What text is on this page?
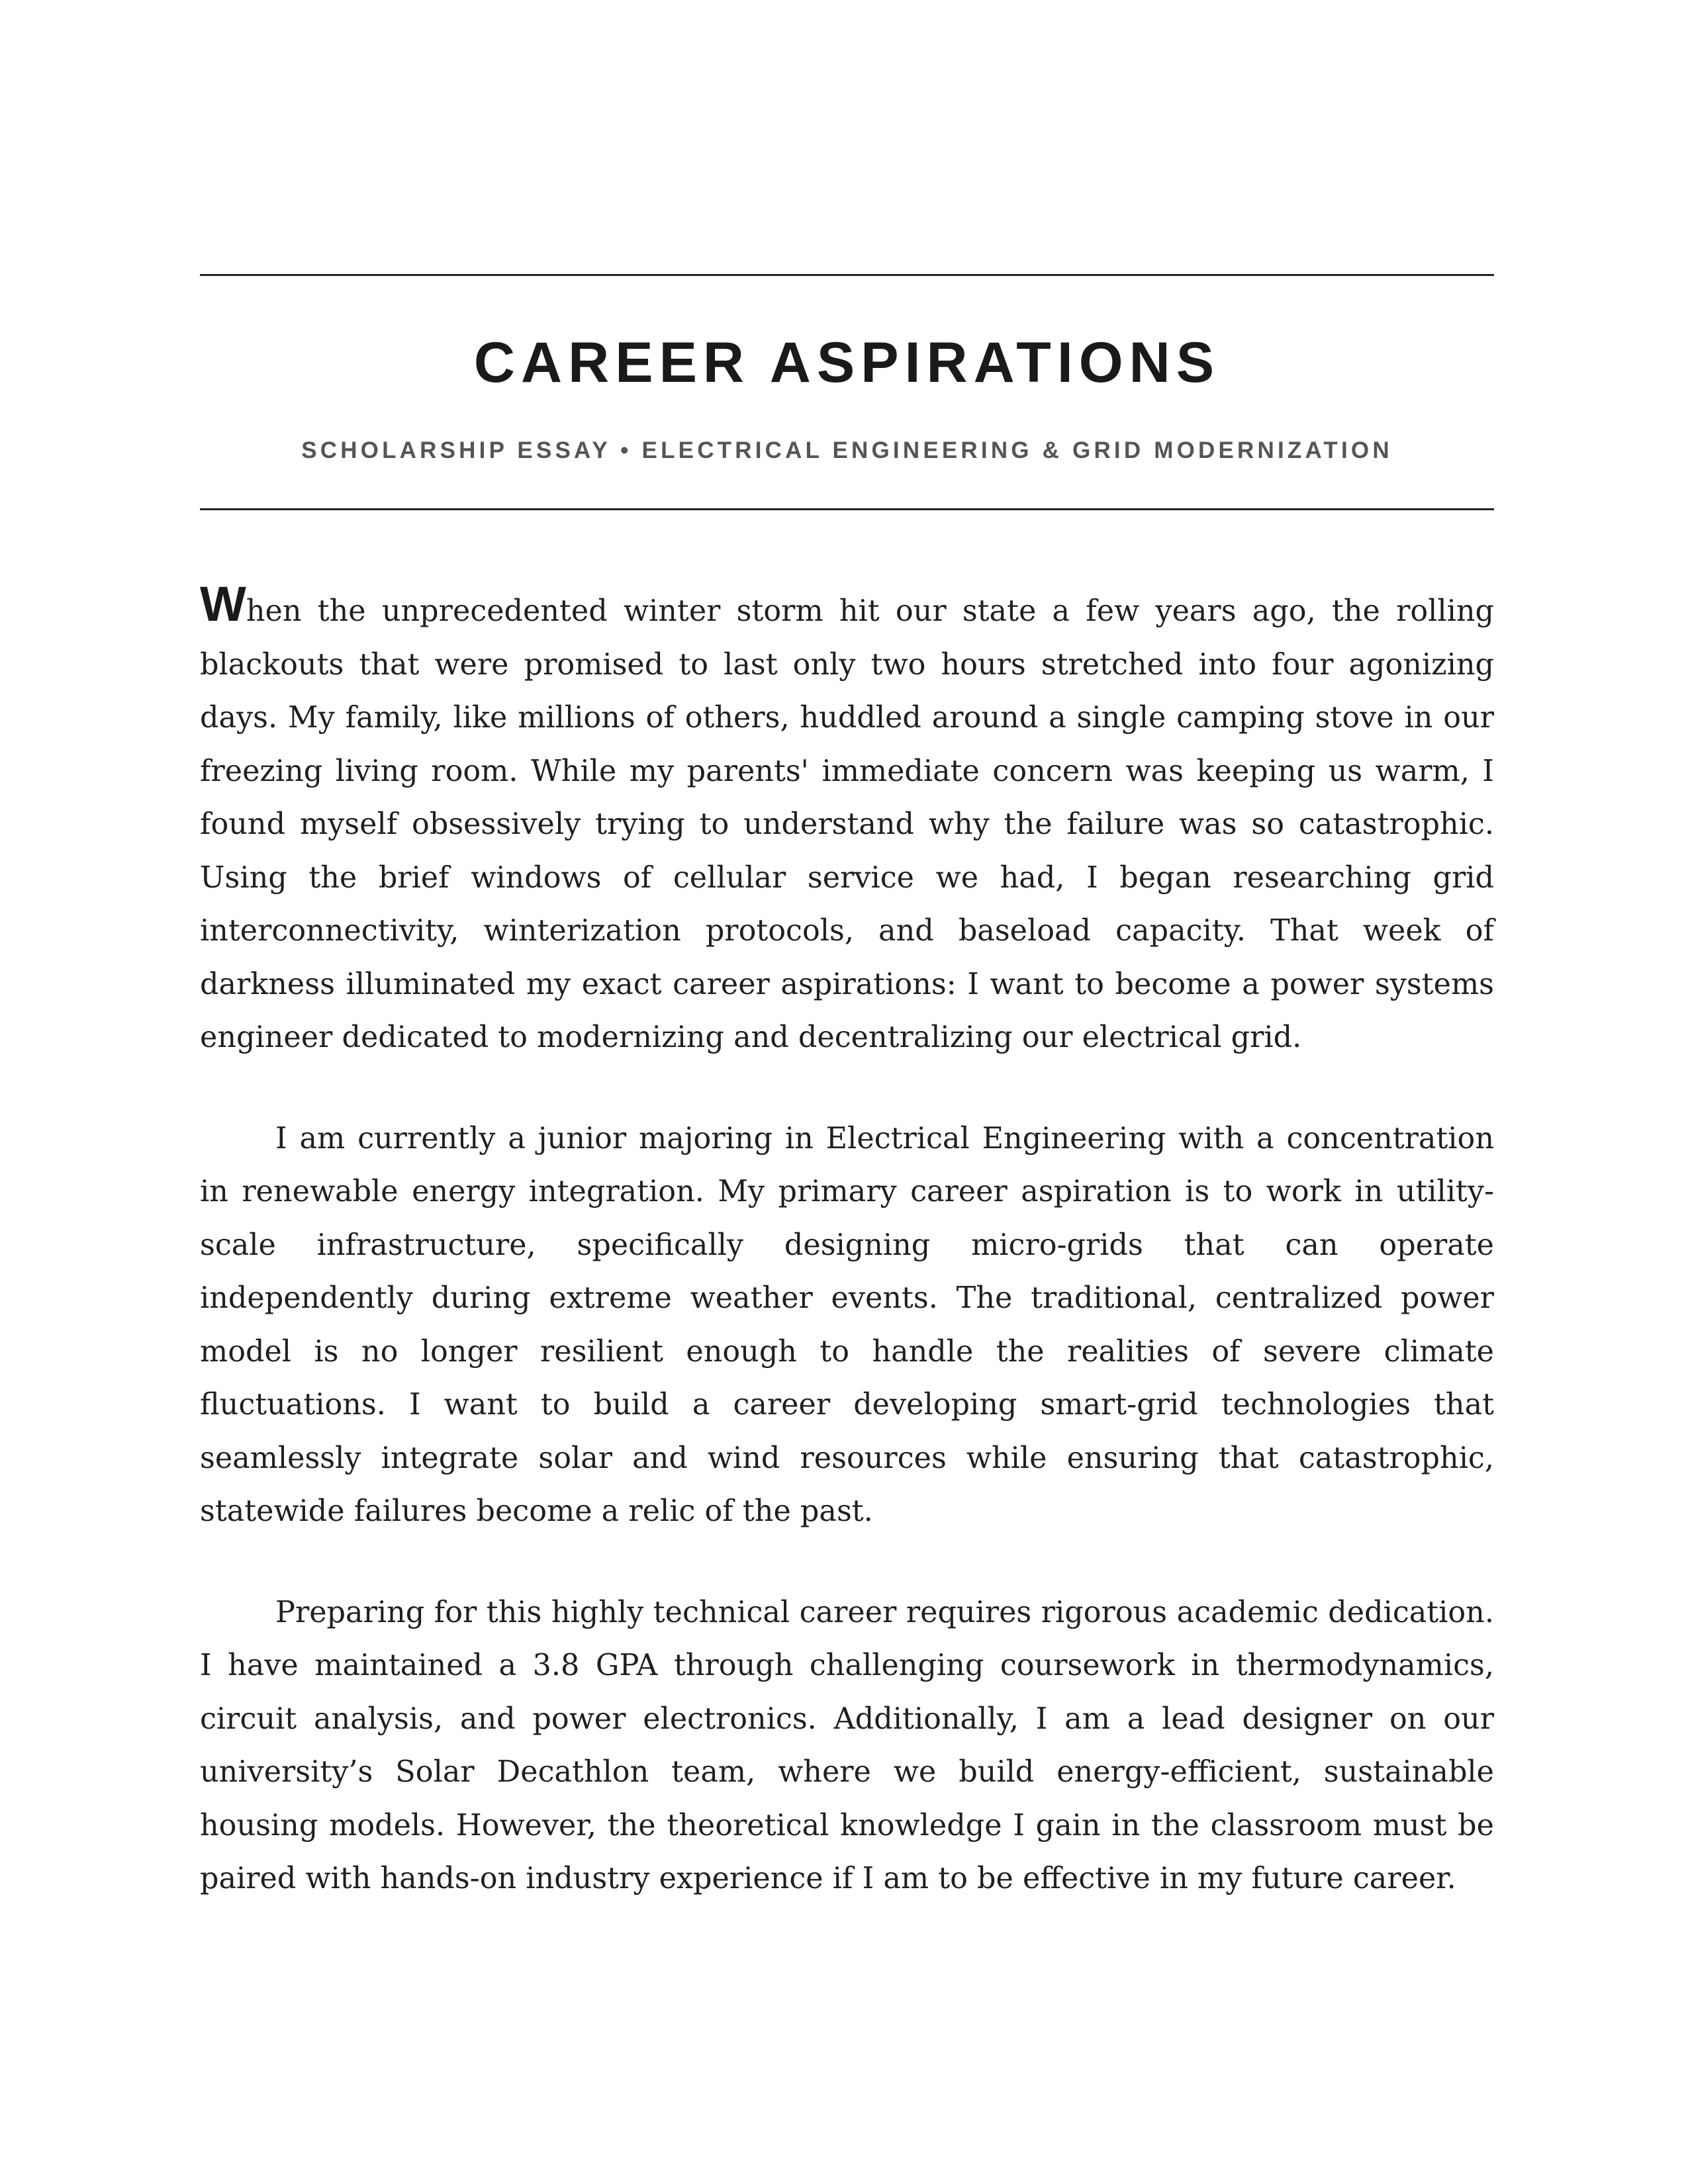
CAREER ASPIRATIONS
SCHOLARSHIP ESSAY • ELECTRICAL ENGINEERING & GRID MODERNIZATION

When the unprecedented winter storm hit our state a few years ago, the rolling blackouts that were promised to last only two hours stretched into four agonizing days. My family, like millions of others, huddled around a single camping stove in our freezing living room. While my parents' immediate concern was keeping us warm, I found myself obsessively trying to understand why the failure was so catastrophic. Using the brief windows of cellular service we had, I began researching grid interconnectivity, winterization protocols, and baseload capacity. That week of darkness illuminated my exact career aspirations: I want to become a power systems engineer dedicated to modernizing and decentralizing our electrical grid.

I am currently a junior majoring in Electrical Engineering with a concentration in renewable energy integration. My primary career aspiration is to work in utility-scale infrastructure, specifically designing micro-grids that can operate independently during extreme weather events. The traditional, centralized power model is no longer resilient enough to handle the realities of severe climate fluctuations. I want to build a career developing smart-grid technologies that seamlessly integrate solar and wind resources while ensuring that catastrophic, statewide failures become a relic of the past.

Preparing for this highly technical career requires rigorous academic dedication. I have maintained a 3.8 GPA through challenging coursework in thermodynamics, circuit analysis, and power electronics. Additionally, I am a lead designer on our university’s Solar Decathlon team, where we build energy-efficient, sustainable housing models. However, the theoretical knowledge I gain in the classroom must be paired with hands-on industry experience if I am to be effective in my future career.
